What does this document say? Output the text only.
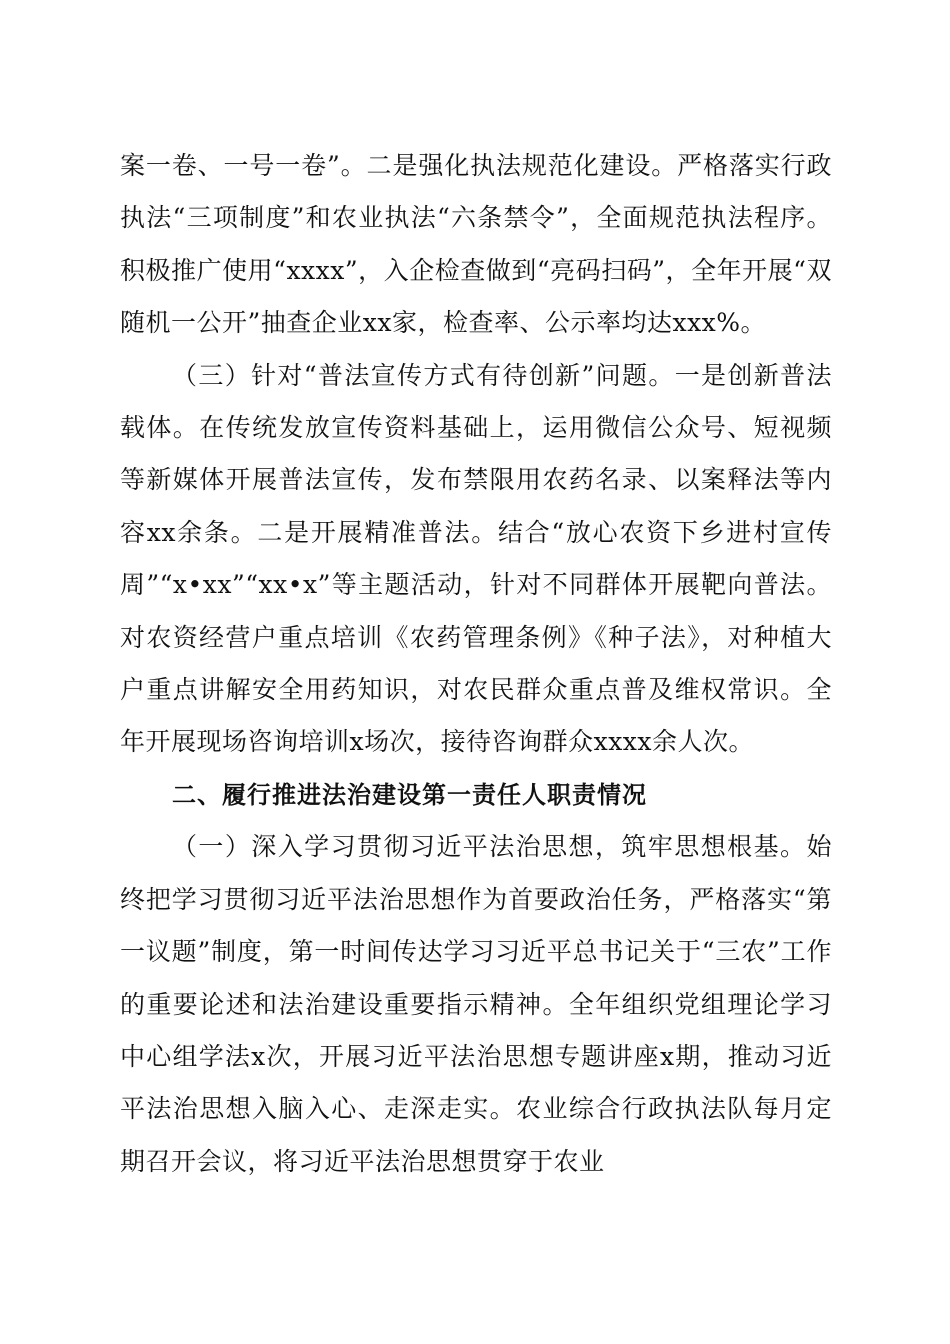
案一卷、一号一卷”。二是强化执法规范化建设。严格落实行政执法“三项制度”和农业执法“六条禁令”，全面规范执法程序。积极推广使用“xxxx”，入企检查做到“亮码扫码”，全年开展“双随机一公开”抽查企业xx家，检查率、公示率均达xxx%。

（三）针对“普法宣传方式有待创新”问题。一是创新普法载体。在传统发放宣传资料基础上，运用微信公众号、短视频等新媒体开展普法宣传，发布禁限用农药名录、以案释法等内容xx余条。二是开展精准普法。结合“放心农资下乡进村宣传周”“x•xx”“xx•x”等主题活动，针对不同群体开展靶向普法。对农资经营户重点培训《农药管理条例》《种子法》，对种植大户重点讲解安全用药知识，对农民群众重点普及维权常识。全年开展现场咨询培训x场次，接待咨询群众xxxx余人次。

二、履行推进法治建设第一责任人职责情况

（一）深入学习贯彻习近平法治思想，筑牢思想根基。始终把学习贯彻习近平法治思想作为首要政治任务，严格落实“第一议题”制度，第一时间传达学习习近平总书记关于“三农”工作的重要论述和法治建设重要指示精神。全年组织党组理论学习中心组学法x次，开展习近平法治思想专题讲座x期，推动习近平法治思想入脑入心、走深走实。农业综合行政执法队每月定期召开会议，将习近平法治思想贯穿于农业
